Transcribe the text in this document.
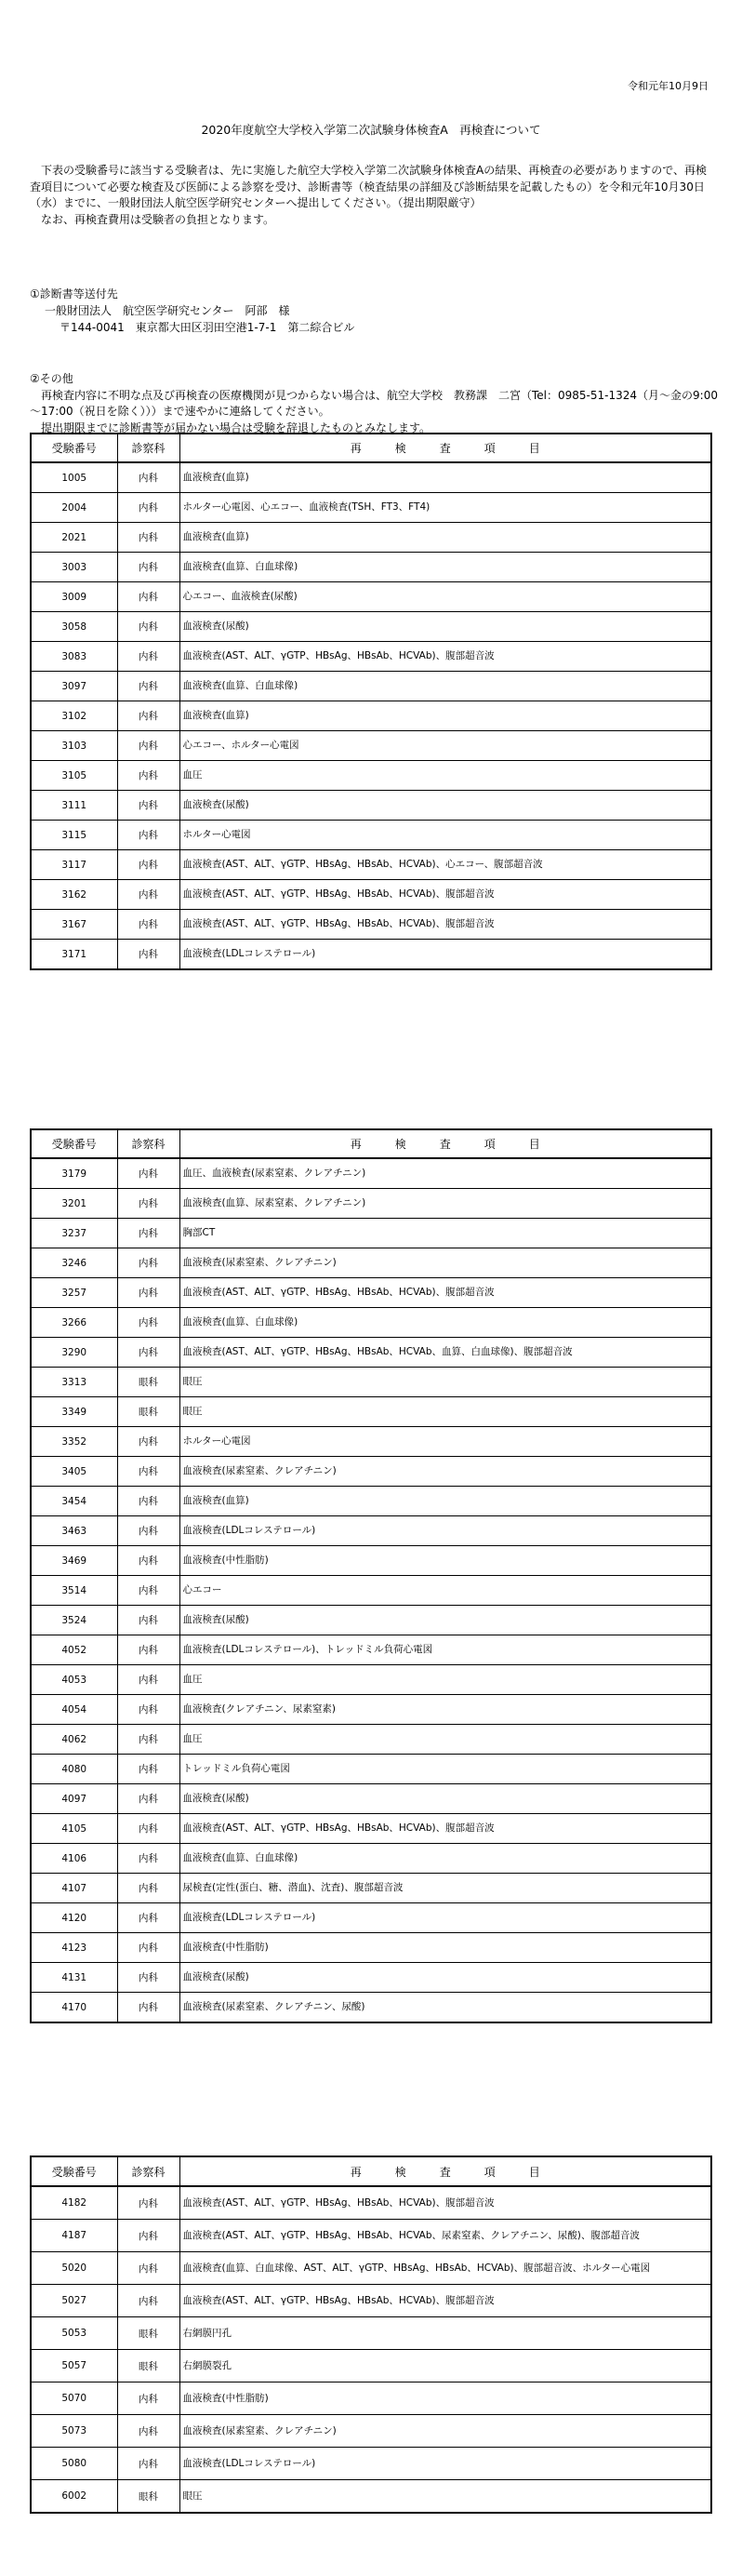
令和元年10月9日
2020年度航空大学校入学第二次試験身体検査A　再検査について

　下表の受験番号に該当する受験者は、先に実施した航空大学校入学第二次試験身体検査Aの結果、再検査の必要がありますので、再検査項目について必要な検査及び医師による診察を受け、診断書等（検査結果の詳細及び診断結果を記載したもの）を令和元年10月30日（水）までに、一般財団法人航空医学研究センターへ提出してください。（提出期限厳守）

　なお、再検査費用は受験者の負担となります。

①診断書等送付先
一般財団法人　航空医学研究センター　阿部　様
〒144-0041　東京都大田区羽田空港1-7-1　第二綜合ビル
②その他
　再検査内容に不明な点及び再検査の医療機関が見つからない場合は、航空大学校　教務課　二宮（Tel：0985-51-1324（月～金の9:00～17:00（祝日を除く）））まで速やかに連絡してください。
　提出期限までに診断書等が届かない場合は受験を辞退したものとみなします。
受験番号	診察科	再　　　検　　　査　　　項　　　目
1005	内科	血液検査(血算)
2004	内科	ホルター心電図、心エコー、血液検査(TSH、FT3、FT4)
2021	内科	血液検査(血算)
3003	内科	血液検査(血算、白血球像)
3009	内科	心エコー、血液検査(尿酸)
3058	内科	血液検査(尿酸)
3083	内科	血液検査(AST、ALT、γGTP、HBsAg、HBsAb、HCVAb)、腹部超音波
3097	内科	血液検査(血算、白血球像)
3102	内科	血液検査(血算)
3103	内科	心エコー、ホルター心電図
3105	内科	血圧
3111	内科	血液検査(尿酸)
3115	内科	ホルター心電図
3117	内科	血液検査(AST、ALT、γGTP、HBsAg、HBsAb、HCVAb)、心エコー、腹部超音波
3162	内科	血液検査(AST、ALT、γGTP、HBsAg、HBsAb、HCVAb)、腹部超音波
3167	内科	血液検査(AST、ALT、γGTP、HBsAg、HBsAb、HCVAb)、腹部超音波
3171	内科	血液検査(LDLコレステロール)
受験番号	診察科	再　　　検　　　査　　　項　　　目
3179	内科	血圧、血液検査(尿素窒素、クレアチニン)
3201	内科	血液検査(血算、尿素窒素、クレアチニン)
3237	内科	胸部CT
3246	内科	血液検査(尿素窒素、クレアチニン)
3257	内科	血液検査(AST、ALT、γGTP、HBsAg、HBsAb、HCVAb)、腹部超音波
3266	内科	血液検査(血算、白血球像)
3290	内科	血液検査(AST、ALT、γGTP、HBsAg、HBsAb、HCVAb、血算、白血球像)、腹部超音波
3313	眼科	眼圧
3349	眼科	眼圧
3352	内科	ホルター心電図
3405	内科	血液検査(尿素窒素、クレアチニン)
3454	内科	血液検査(血算)
3463	内科	血液検査(LDLコレステロール)
3469	内科	血液検査(中性脂肪)
3514	内科	心エコー
3524	内科	血液検査(尿酸)
4052	内科	血液検査(LDLコレステロール)、トレッドミル負荷心電図
4053	内科	血圧
4054	内科	血液検査(クレアチニン、尿素窒素)
4062	内科	血圧
4080	内科	トレッドミル負荷心電図
4097	内科	血液検査(尿酸)
4105	内科	血液検査(AST、ALT、γGTP、HBsAg、HBsAb、HCVAb)、腹部超音波
4106	内科	血液検査(血算、白血球像)
4107	内科	尿検査(定性(蛋白、糖、潜血)、沈査)、腹部超音波
4120	内科	血液検査(LDLコレステロール)
4123	内科	血液検査(中性脂肪)
4131	内科	血液検査(尿酸)
4170	内科	血液検査(尿素窒素、クレアチニン、尿酸)
受験番号	診察科	再　　　検　　　査　　　項　　　目
4182	内科	血液検査(AST、ALT、γGTP、HBsAg、HBsAb、HCVAb)、腹部超音波
4187	内科	血液検査(AST、ALT、γGTP、HBsAg、HBsAb、HCVAb、尿素窒素、クレアチニン、尿酸)、腹部超音波
5020	内科	血液検査(血算、白血球像、AST、ALT、γGTP、HBsAg、HBsAb、HCVAb)、腹部超音波、ホルター心電図
5027	内科	血液検査(AST、ALT、γGTP、HBsAg、HBsAb、HCVAb)、腹部超音波
5053	眼科	右網膜円孔
5057	眼科	右網膜裂孔
5070	内科	血液検査(中性脂肪)
5073	内科	血液検査(尿素窒素、クレアチニン)
5080	内科	血液検査(LDLコレステロール)
6002	眼科	眼圧
